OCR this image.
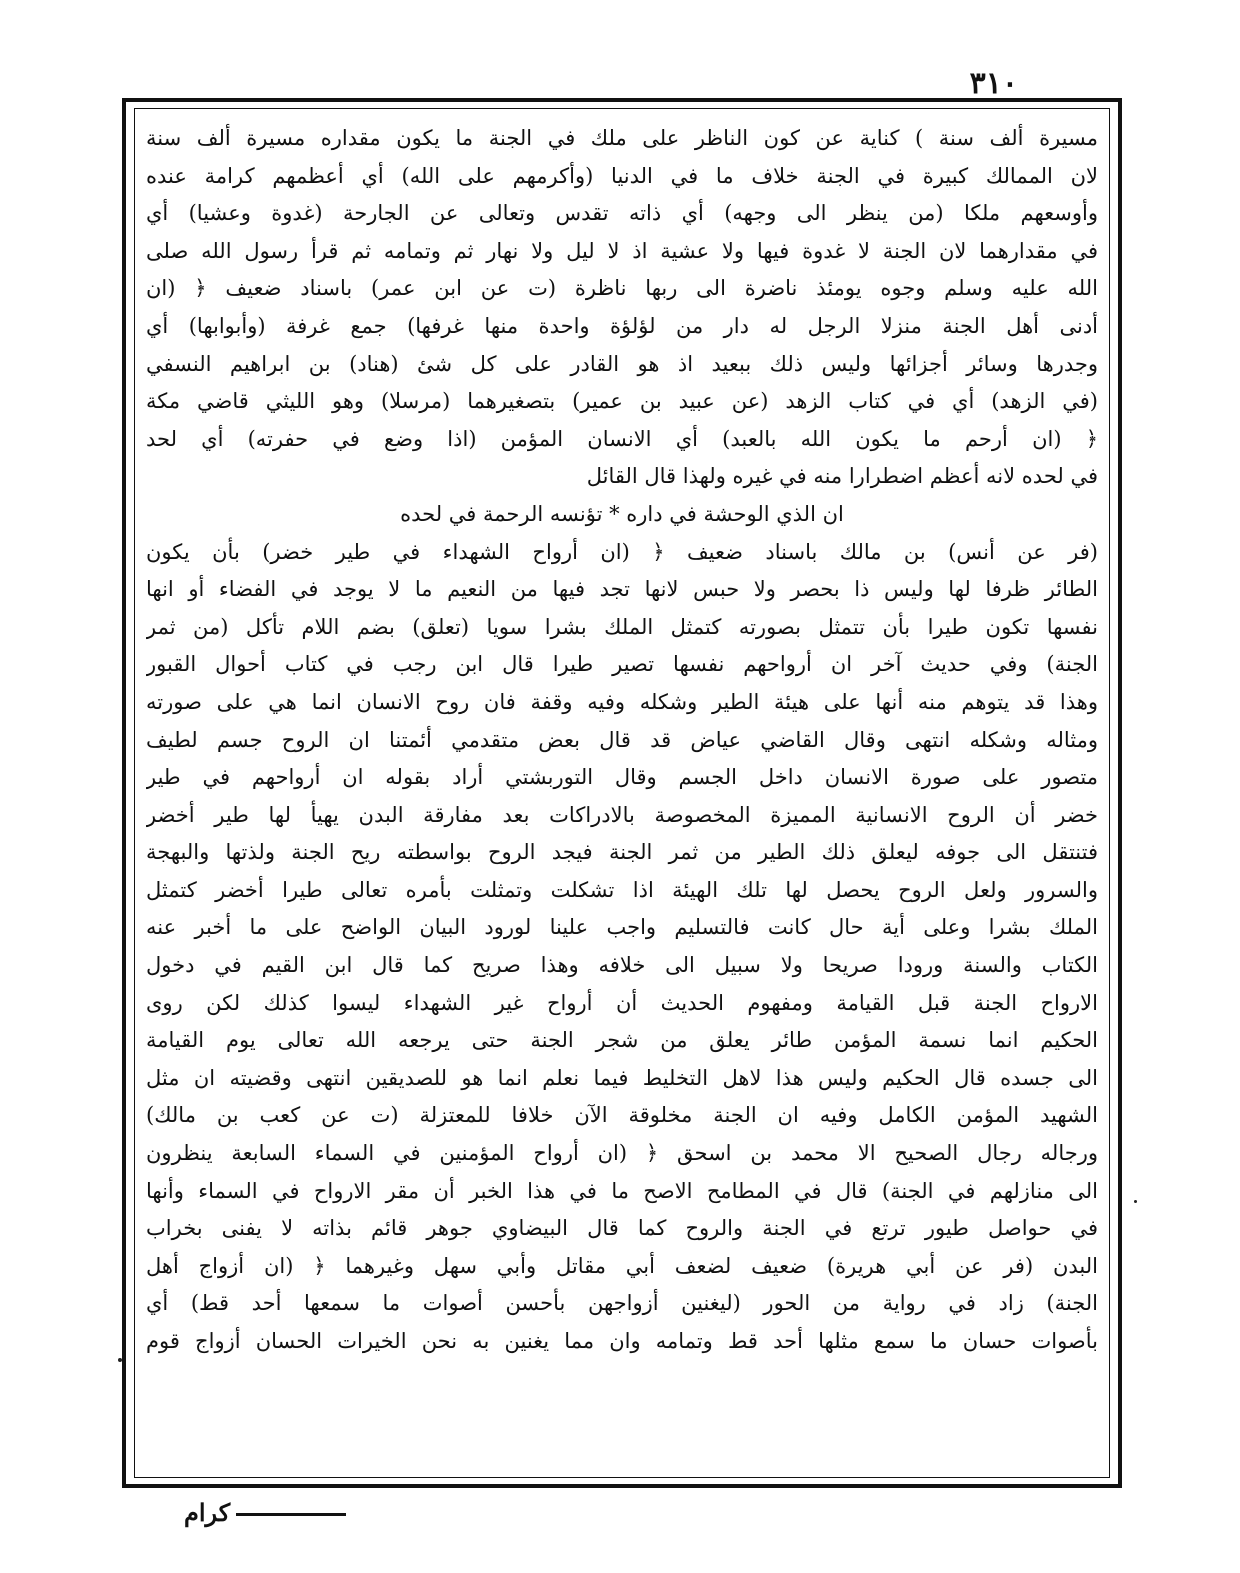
٣١٠
مسيرة ألف سنة ) كناية عن كون الناظر على ملك في الجنة ما يكون مقداره مسيرة ألف سنة
لان الممالك كبيرة في الجنة خلاف ما في الدنيا (وأكرمهم على الله) أي أعظمهم كرامة عنده
وأوسعهم ملكا (من ينظر الى وجهه) أي ذاته تقدس وتعالى عن الجارحة (غدوة وعشيا) أي
في مقدارهما لان الجنة لا غدوة فيها ولا عشية اذ لا ليل ولا نهار ثم وتمامه ثم قرأ رسول الله صلى
الله عليه وسلم وجوه يومئذ ناضرة الى ربها ناظرة (ت عن ابن عمر) باسناد ضعيف ﴿ (ان
أدنى أهل الجنة منزلا الرجل له دار من لؤلؤة واحدة منها غرفها) جمع غرفة (وأبوابها) أي
وجدرها وسائر أجزائها وليس ذلك ببعيد اذ هو القادر على كل شئ (هناد) بن ابراهيم النسفي
(في الزهد) أي في كتاب الزهد (عن عبيد بن عمير) بتصغيرهما (مرسلا) وهو الليثي قاضي مكة
﴿ (ان أرحم ما يكون الله بالعبد) أي الانسان المؤمن (اذا وضع في حفرته) أي لحد
في لحده لانه أعظم اضطرارا منه في غيره ولهذا قال القائل
ان الذي الوحشة في داره * تؤنسه الرحمة في لحده
(فر عن أنس) بن مالك باسناد ضعيف ﴿ (ان أرواح الشهداء في طير خضر) بأن يكون
الطائر ظرفا لها وليس ذا بحصر ولا حبس لانها تجد فيها من النعيم ما لا يوجد في الفضاء أو انها
نفسها تكون طيرا بأن تتمثل بصورته كتمثل الملك بشرا سويا (تعلق) بضم اللام تأكل (من ثمر
الجنة) وفي حديث آخر ان أرواحهم نفسها تصير طيرا قال ابن رجب في كتاب أحوال القبور
وهذا قد يتوهم منه أنها على هيئة الطير وشكله وفيه وقفة فان روح الانسان انما هي على صورته
ومثاله وشكله انتهى وقال القاضي عياض قد قال بعض متقدمي أئمتنا ان الروح جسم لطيف
متصور على صورة الانسان داخل الجسم وقال التوربشتي أراد بقوله ان أرواحهم في طير
خضر أن الروح الانسانية المميزة المخصوصة بالادراكات بعد مفارقة البدن يهيأ لها طير أخضر
فتنتقل الى جوفه ليعلق ذلك الطير من ثمر الجنة فيجد الروح بواسطته ريح الجنة ولذتها والبهجة
والسرور ولعل الروح يحصل لها تلك الهيئة اذا تشكلت وتمثلت بأمره تعالى طيرا أخضر كتمثل
الملك بشرا وعلى أية حال كانت فالتسليم واجب علينا لورود البيان الواضح على ما أخبر عنه
الكتاب والسنة ورودا صريحا ولا سبيل الى خلافه وهذا صريح كما قال ابن القيم في دخول
الارواح الجنة قبل القيامة ومفهوم الحديث أن أرواح غير الشهداء ليسوا كذلك لكن روى
الحكيم انما نسمة المؤمن طائر يعلق من شجر الجنة حتى يرجعه الله تعالى يوم القيامة
الى جسده قال الحكيم وليس هذا لاهل التخليط فيما نعلم انما هو للصديقين انتهى وقضيته ان مثل
الشهيد المؤمن الكامل وفيه ان الجنة مخلوقة الآن خلافا للمعتزلة (ت عن كعب بن مالك)
ورجاله رجال الصحيح الا محمد بن اسحق ﴿ (ان أرواح المؤمنين في السماء السابعة ينظرون
الى منازلهم في الجنة) قال في المطامح الاصح ما في هذا الخبر أن مقر الارواح في السماء وأنها
في حواصل طيور ترتع في الجنة والروح كما قال البيضاوي جوهر قائم بذاته لا يفنى بخراب
البدن (فر عن أبي هريرة) ضعيف لضعف أبي مقاتل وأبي سهل وغيرهما ﴿ (ان أزواج أهل
الجنة) زاد في رواية من الحور (ليغنين أزواجهن بأحسن أصوات ما سمعها أحد قط) أي
بأصوات حسان ما سمع مثلها أحد قط وتمامه وان مما يغنين به نحن الخيرات الحسان أزواج قوم
كرام
